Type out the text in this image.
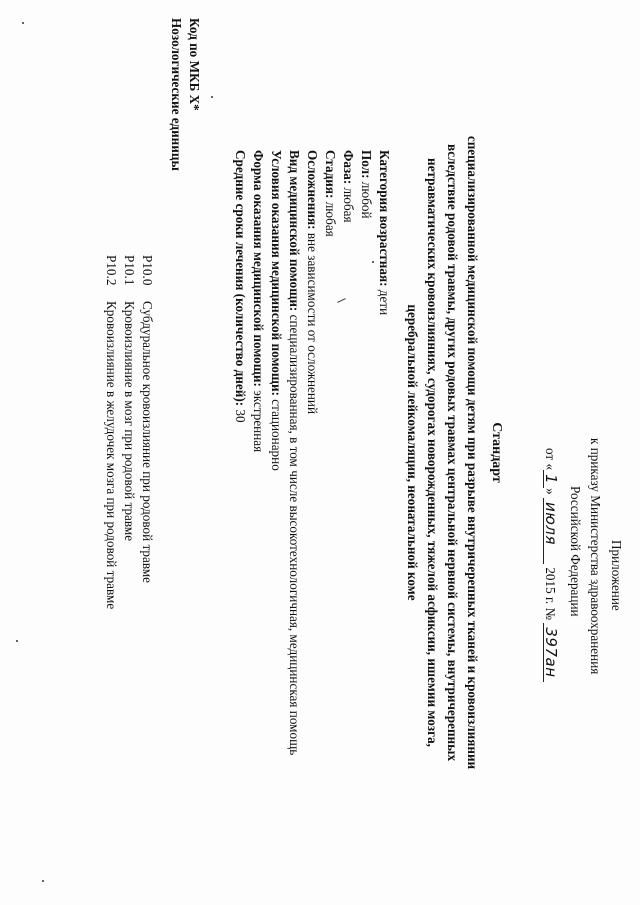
Приложение
к приказу Министерства здравоохранения
Российской Федерации
от «1» июля 2015 г. № 397ан
Стандарт
специализированной медицинской помощи детям при разрыве внутричерепных тканей и кровоизлиянии
вследствие родовой травмы, других родовых травмах центральной нервной системы, внутричерепных
нетравматических кровоизлияниях, судорогах новорожденных, тяжелой асфиксии, ишемии мозга,
церебральной лейкомаляции, неонатальной коме
Категория возрастная: дети
Пол: любой
Фаза: любая
Стадия: любая
Осложнения: вне зависимости от осложнений
Вид медицинской помощи: специализированная, в том числе высокотехнологичная, медицинская помощь
Условия оказания медицинской помощи: стационарно
Форма оказания медицинской помощи: экстренная
Средние сроки лечения (количество дней): 30
Код по МКБ X*
Нозологические единицы
P10.0Субдуральное кровоизлияние при родовой травме
P10.1Кровоизлияние в мозг при родовой травме
P10.2Кровоизлияние в желудочек мозга при родовой травме
